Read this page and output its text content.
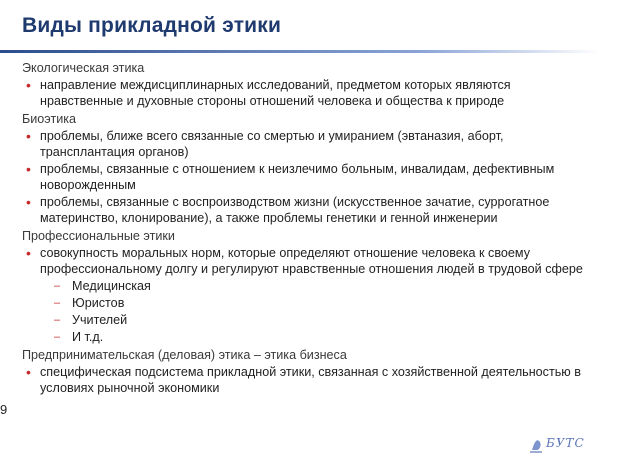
Виды прикладной этики
Экологическая этика
• направление междисциплинарных исследований, предметом которых являются нравственные и духовные стороны отношений человека и общества к природе
Биоэтика
• проблемы, ближе всего связанные со смертью и умиранием (эвтаназия, аборт, трансплантация органов)
• проблемы, связанные с отношением к неизлечимо больным, инвалидам, дефективным новорожденным
• проблемы, связанные с воспроизводством жизни (искусственное зачатие, суррогатное материнство, клонирование), а также проблемы генетики и генной инженерии
Профессиональные этики
• совокупность моральных норм, которые определяют отношение человека к своему профессиональному долгу и регулируют нравственные отношения людей в трудовой сфере
– Медицинская
– Юристов
– Учителей
– И т.д.
Предпринимательская (деловая) этика – этика бизнеса
• специфическая подсистема прикладной этики, связанная с хозяйственной деятельностью в условиях рыночной экономики
9
БУТС
